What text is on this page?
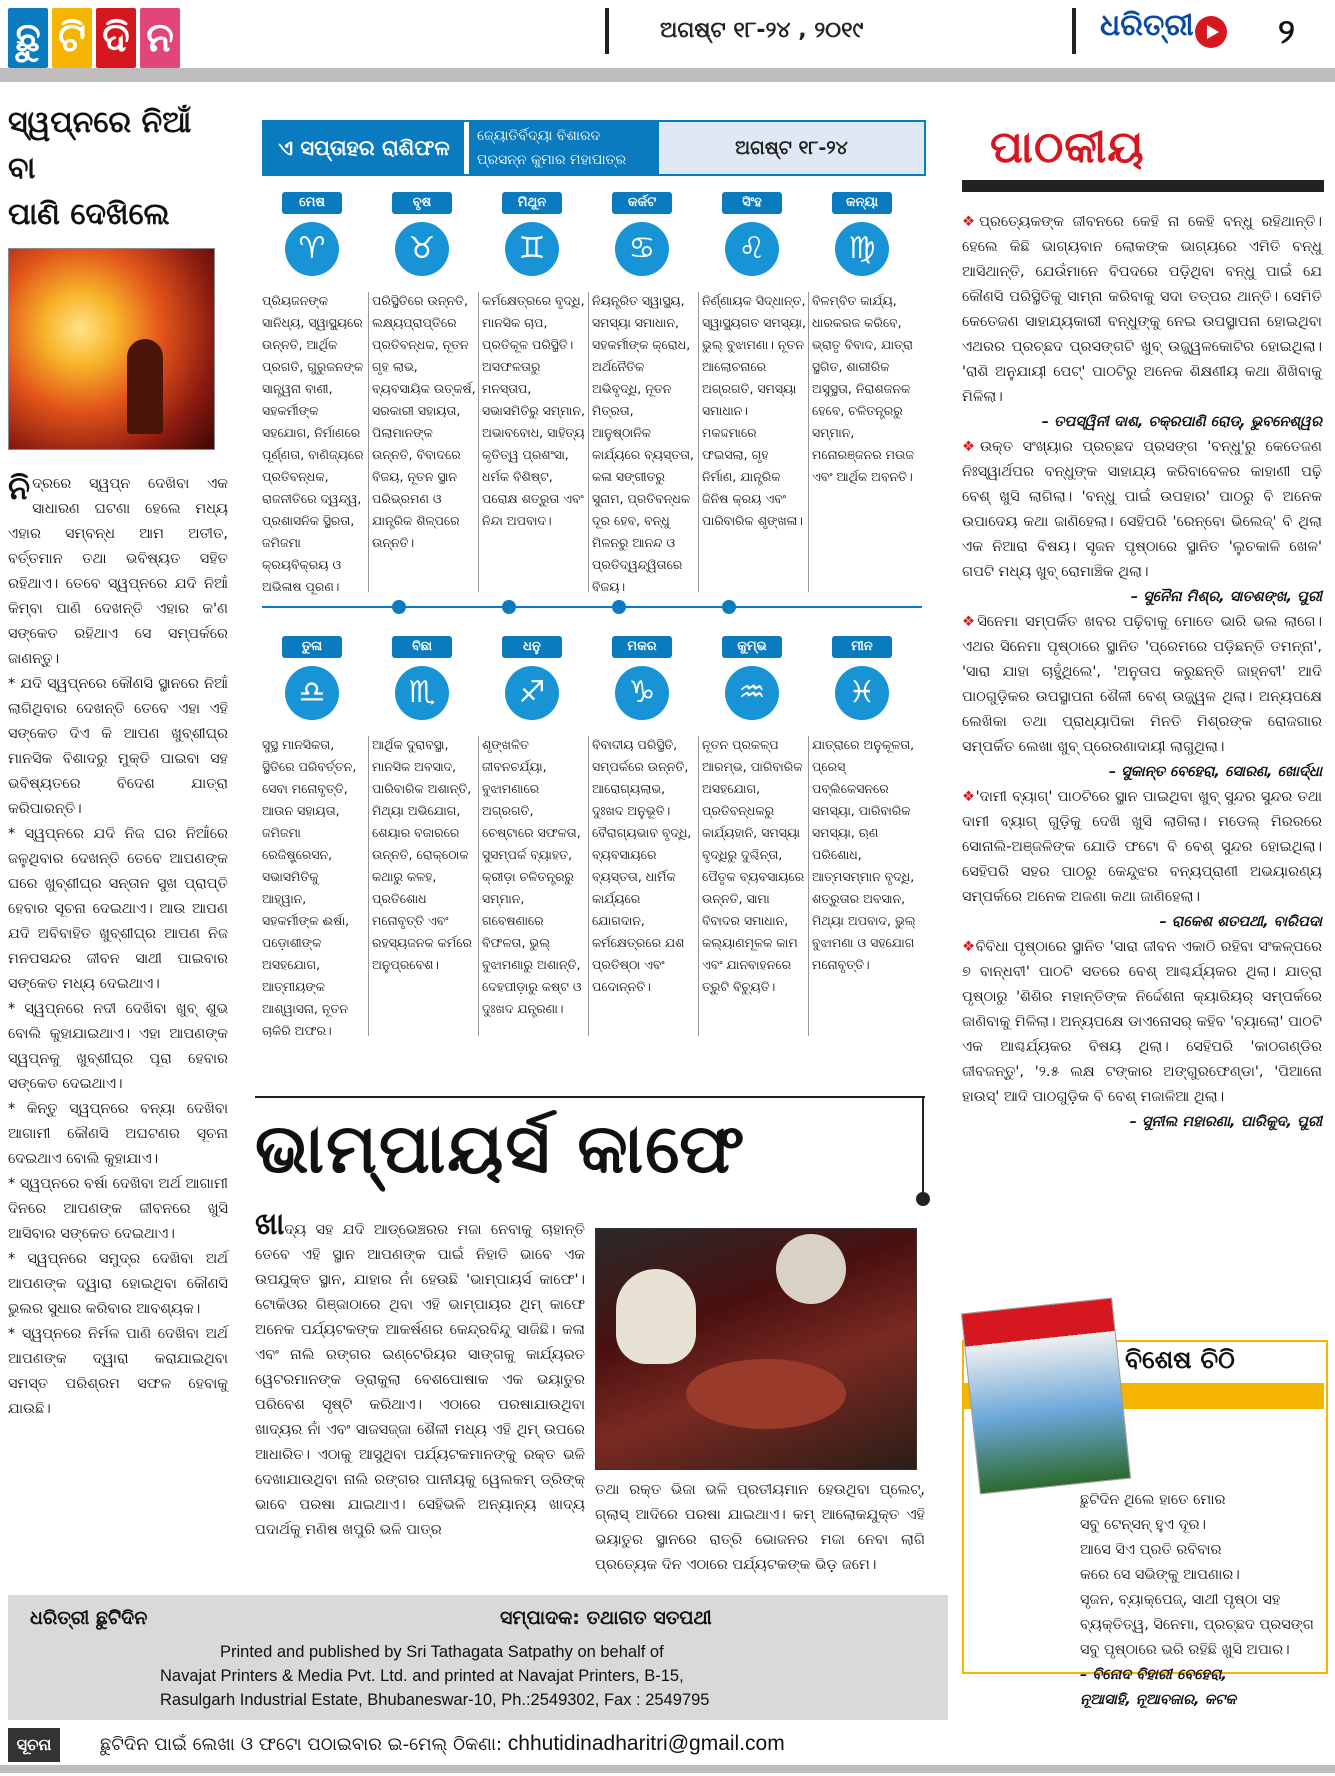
ଛୁ ଟି ଦି ନ	ଅଗଷ୍ଟ ୧୮-୨୪ , ୨୦୧୯	ଧରିତ୍ରୀ ୨
ସ୍ୱପ୍ନରେ ନିଆଁ ବା
ପାଣି ଦେଖିଲେ

ନିଦ୍ରରେ ସ୍ୱପ୍ନ ଦେଖିବା ଏକ ସାଧାରଣ ଘଟଣା ହେଲେ ମଧ୍ୟ ଏହାର ସମ୍ବନ୍ଧ ଆମ ଅତୀତ, ବର୍ତ୍ତମାନ ତଥା ଭବିଷ୍ୟତ ସହିତ ରହିଥାଏ। ତେବେ ସ୍ୱପ୍ନରେ ଯଦି ନିଆଁ କିମ୍ବା ପାଣି ଦେଖନ୍ତି ଏହାର କ'ଣ ସଙ୍କେତ ରହିଥାଏ ସେ ସମ୍ପର୍କରେ ଜାଣନ୍ତୁ।

* ଯଦି ସ୍ୱପ୍ନରେ କୌଣସି ସ୍ଥାନରେ ନିଆଁ ଲାଗିଥିବାର ଦେଖନ୍ତି ତେବେ ଏହା ଏହି ସଙ୍କେତ ଦିଏ କି ଆପଣ ଖୁବ୍‌ଶୀଘ୍ର ମାନସିକ ବିଶାଦରୁ ମୁକ୍ତି ପାଇବା ସହ ଭବିଷ୍ୟତରେ ବିଦେଶ ଯାତ୍ରା କରିପାରନ୍ତି।

* ସ୍ୱପ୍ନରେ ଯଦି ନିଜ ଘର ନିଆଁରେ ଜଳୁଥିବାର ଦେଖନ୍ତି ତେବେ ଆପଣଙ୍କ ଘରେ ଖୁବ୍‌ଶୀଘ୍ର ସନ୍ତାନ ସୁଖ ପ୍ରାପ୍ତି ହେବାର ସୂଚନା ଦେଇଥାଏ। ଆଉ ଆପଣ ଯଦି ଅବିବାହିତ ଖୁବ୍‌ଶୀଘ୍ର ଆପଣ ନିଜ ମନପସନ୍ଦର ଜୀବନ ସାଥୀ ପାଇବାର ସଙ୍କେତ ମଧ୍ୟ ଦେଇଥାଏ।

* ସ୍ୱପ୍ନରେ ନଦୀ ଦେଖିବା ଖୁବ୍ ଶୁଭ ବୋଲି କୁହାଯାଇଥାଏ। ଏହା ଆପଣଙ୍କ ସ୍ୱପ୍ନକୁ ଖୁବ୍‌ଶୀଘ୍ର ପୂରା ହେବାର ସଙ୍କେତ ଦେଇଥାଏ।

* କିନ୍ତୁ ସ୍ୱପ୍ନରେ ବନ୍ୟା ଦେଖିବା ଆଗାମୀ କୌଣସି ଅଘଟଣର ସୂଚନା ଦେଇଥାଏ ବୋଲି କୁହାଯାଏ।

* ସ୍ୱପ୍ନରେ ବର୍ଷା ଦେଖିବା ଅର୍ଥ ଆଗାମୀ ଦିନରେ ଆପଣଙ୍କ ଜୀବନରେ ଖୁସି ଆସିବାର ସଙ୍କେତ ଦେଇଥାଏ।

* ସ୍ୱପ୍ନରେ ସମୁଦ୍ର ଦେଖିବା ଅର୍ଥ ଆପଣଙ୍କ ଦ୍ୱାରା ହୋଇଥିବା କୌଣସି ଭୁଲର ସୁଧାର କରିବାର ଆବଶ୍ୟକ।

* ସ୍ୱପ୍ନରେ ନିର୍ମଳ ପାଣି ଦେଖିବା ଅର୍ଥ ଆପଣଙ୍କ ଦ୍ୱାରା କରାଯାଇଥିବା ସମସ୍ତ ପରିଶ୍ରମ ସଫଳ ହେବାକୁ ଯାଉଛି।

ଏ ସପ୍ତାହର ରାଶିଫଳ	ଜ୍ୟୋତିର୍ବିଦ୍ୟା ବିଶାରଦ
ପ୍ରସନ୍ନ କୁମାର ମହାପାତ୍ର
ଅଗଷ୍ଟ ୧୮-୨୪
ମେଷ
♈
ପ୍ରିୟଜନଙ୍କ ସାନିଧ୍ୟ, ସ୍ୱାସ୍ଥ୍ୟରେ ଉନ୍ନତି, ଆର୍ଥିକ ପ୍ରଗତି, ଗୁରୁଜନଙ୍କ ସାନ୍ତ୍ୱନା ବାଣୀ, ସହକର୍ମୀଙ୍କ ସହଯୋଗ, ନିର୍ମାଣରେ ପୂର୍ଣ୍ଣତା, ବାଣିଜ୍ୟରେ ପ୍ରତିବନ୍ଧକ, ରାଜନୀତିରେ ଦ୍ୱନ୍ଦ୍ୱ, ପ୍ରଶାସନିକ ସ୍ଥିରତା, ଜମିଜମା କ୍ରୟବିକ୍ରୟ ଓ ଅଭିଳାଷ ପୂରଣ।
ବୃଷ
♉
ପରିସ୍ଥିତିରେ ଉନ୍ନତି, ଲକ୍ଷ୍ୟପ୍ରାପ୍ତିରେ ପ୍ରତିବନ୍ଧକ, ନୂତନ ଗୃହ ଲାଭ, ବ୍ୟବସାୟିକ ଉତ୍କର୍ଷ, ସରକାରୀ ସହାୟତା, ପିଲାମାନଙ୍କ ଉନ୍ନତି, ବିବାଦରେ ବିଜୟ, ନୂତନ ସ୍ଥାନ ପରିଭ୍ରମଣ ଓ ଯାନ୍ତ୍ରିକ ଶିଳ୍ପରେ ଉନ୍ନତି।
ମିଥୁନ
♊
କର୍ମକ୍ଷେତ୍ରରେ ବୃଦ୍ଧି, ମାନସିକ ଚାପ, ପ୍ରତିକୂଳ ପରିସ୍ଥିତି। ଅସଫଳତାରୁ ମନସ୍ତାପ, ସଭାସମିତିରୁ ସମ୍ମାନ, ଅଭାବବୋଧ, ସାହିତ୍ୟ କୃତିତ୍ୱ ପ୍ରଶଂସା, ଧର୍ମକ ବିଶିଷ୍ଟ, ପରୋକ୍ଷ ଶତ୍ରୁତା ଏବଂ ନିନ୍ଦା ଅପବାଦ।
କର୍କଟ
♋
ନିୟନ୍ତ୍ରିତ ସ୍ୱାସ୍ଥ୍ୟ, ସମସ୍ୟା ସମାଧାନ, ସହକର୍ମୀଙ୍କ କ୍ରୋଧ, ଅର୍ଥନୈତିକ ଅଭିବୃଦ୍ଧି, ନୂତନ ମିତ୍ରତା, ଆନୁଷ୍ଠାନିକ କାର୍ଯ୍ୟରେ ବ୍ୟସ୍ତତା, କଳା ସଙ୍ଗୀତରୁ ସୁନାମ, ପ୍ରତିବନ୍ଧକ ଦୂର ହେବ, ବନ୍ଧୁ ମିଳନରୁ ଆନନ୍ଦ ଓ ପ୍ରତିଦ୍ୱନ୍ଦ୍ୱିତାରେ ବିଜୟ।
ସିଂହ
♌
ନିର୍ଣ୍ଣାୟକ ସିଦ୍ଧାନ୍ତ, ସ୍ୱାସ୍ଥ୍ୟଗତ ସମସ୍ୟା, ଭୁଲ୍ ବୁଝାମଣା। ନୂତନ ଆଲୋଚନାରେ ଅଗ୍ରଗତି, ସମସ୍ୟା ସମାଧାନ। ମକଦ୍ଦମାରେ ଫଇସଲା, ଗୃହ ନିର୍ମାଣ, ଯାନ୍ତ୍ରିକ ଜିନିଷ କ୍ରୟ ଏବଂ ପାରିବାରିକ ଶୃଙ୍ଖଳା।
କନ୍ୟା
♍
ବିଳମ୍ବିତ କାର୍ଯ୍ୟ, ଧାରକରଜ କରିବେ, ଭ୍ରାତୃ ବିବାଦ, ଯାତ୍ରା ସ୍ଥଗିତ, ଶାରୀରିକ ଅସୁସ୍ଥତା, ନିରାଶଜନକ ହେବେ, ଚଳିତନ୍ତ୍ରରୁ ସମ୍ମାନ, ମନୋରଞ୍ଜନର ମଉଜ ଏବଂ ଆର୍ଥିକ ଅବନତି।
ତୁଳା
♎
ସୁସ୍ଥ ମାନସିକତା, ସ୍ଥିତିରେ ପରିବର୍ତ୍ତନ, ସେବା ମନୋବୃତ୍ତି, ଆଉନ ସହାୟତା, ଜମିଜମା ରେଜିଷ୍ଟ୍ରେସନ, ସଭାସମିତିକୁ ଆହ୍ୱାନ, ସହକର୍ମୀଙ୍କ ଈର୍ଷା, ପଡ଼ୋଶୀଙ୍କ ଅସହଯୋଗ, ଆତ୍ମୀୟଙ୍କ ଆଶ୍ୱାସନା, ନୂତନ ଚାକିରି ଅଫର।
ବିଛା
♏
ଆର୍ଥିକ ଦୁରାବସ୍ଥା, ମାନସିକ ଅବସାଦ, ପାରିବାରିକ ଅଶାନ୍ତି, ମିଥ୍ୟା ଅଭିଯୋଗ, ଶେୟାର ବଜାରରେ ଉନ୍ନତି, ରୋକ୍‌ଠୋକ କଥାରୁ କଳହ, ପ୍ରତିଶୋଧ ମନୋବୃତ୍ତି ଏବଂ ରହସ୍ୟଜନକ କର୍ମରେ ଅନୁପ୍ରବେଶ।
ଧନୁ
♐
ଶୃଙ୍ଖଳିତ ଜୀବନଚର୍ଯ୍ୟା, ବୁଝାମଣାରେ ଅଗ୍ରଗତି, ଚେଷ୍ଟାରେ ସଫଳତା, ସୁସମ୍ପର୍କ ବ୍ୟାହତ, କ୍ରୀଡ଼ା ଚଳିତନ୍ତ୍ରରୁ ସମ୍ମାନ, ଗବେଷଣାରେ ବିଫଳତା, ଭୁଲ୍ ବୁଝାମଣାରୁ ଅଶାନ୍ତି, ଦେହପୀଡ଼ାରୁ କଷ୍ଟ ଓ ଦୁଃଖଦ ଯନ୍ତ୍ରଣା।
ମକର
♑
ବିବାଦୀୟ ପରିସ୍ଥିତି, ସମ୍ପର୍କରେ ଉନ୍ନତି, ଆରୋଗ୍ୟଲାଭ, ଦୁଃଖଦ ଅନୁଭୂତି। ବୈରାଗ୍ୟଭାବ ବୃଦ୍ଧି, ବ୍ୟବସାୟରେ ବ୍ୟସ୍ତତା, ଧାର୍ମିକ କାର୍ଯ୍ୟରେ ଯୋଗଦାନ, କର୍ମକ୍ଷେତ୍ରରେ ଯଶ ପ୍ରତିଷ୍ଠା ଏବଂ ପଦୋନ୍ନତି।
କୁମ୍ଭ
♒
ନୂତନ ପ୍ରକଳ୍ପ ଆରମ୍ଭ, ପାରିବାରିକ ଅସହଯୋଗ, ପ୍ରତିବନ୍ଧକରୁ କାର୍ଯ୍ୟହାନି, ସମସ୍ୟା ବୃଦ୍ଧିରୁ ଦୁଶ୍ଚିନ୍ତା, ପୈତୃକ ବ୍ୟବସାୟରେ ଉନ୍ନତି, ସାମା ବିବାଦର ସମାଧାନ, କଲ୍ୟାଣମୂଳକ କାମ ଏବଂ ଯାନବାହନରେ ତ୍ରୁଟି ବିଚ୍ୟୁତି।
ମୀନ
♓
ଯାତ୍ରାରେ ଅନୁକୂଳତା, ପ୍ରେସ୍ ପବ୍ଲିକେସନରେ ସମସ୍ୟା, ପାରିବାରିକ ସମସ୍ୟା, ଋଣ ପରିଶୋଧ, ଆତ୍ମସମ୍ମାନ ବୃଦ୍ଧି, ଶତ୍ରୁତାର ଅବସାନ, ମିଥ୍ୟା ଅପବାଦ, ଭୁଲ୍ ବୁଝାମଣା ଓ ସହଯୋଗ ମନୋବୃତ୍ତି।
ଭାମ୍ପାୟର୍ସ କାଫେ
ଖାଦ୍ୟ ସହ ଯଦି ଆଡ୍‌ଭେଞ୍ଚରର ମଜା ନେବାକୁ ଚାହାନ୍ତି ତେବେ ଏହି ସ୍ଥାନ ଆପଣଙ୍କ ପାଇଁ ନିହାତି ଭାବେ ଏକ ଉପଯୁକ୍ତ ସ୍ଥାନ, ଯାହାର ନାଁ ହେଉଛି 'ଭାମ୍ପାୟର୍ସ କାଫେ'। ଟୋକିଓର ଗିଞ୍ଜାଠାରେ ଥିବା ଏହି ଭାମ୍ପାୟର ଥିମ୍ କାଫେ ଅନେକ ପର୍ଯ୍ୟଟକଙ୍କ ଆକର୍ଷଣର କେନ୍ଦ୍ରବିନ୍ଦୁ ସାଜିଛି। କଳା ଏବଂ ନାଲି ରଙ୍ଗର ଇଣ୍ଟେରିୟର ସାଙ୍ଗକୁ କାର୍ଯ୍ୟରତ ୱେଟରମାନଙ୍କ ଡ୍ରାକୁଲା ବେଶପୋଷାକ ଏକ ଭୟାତୁର ପରିବେଶ ସୃଷ୍ଟି କରିଥାଏ। ଏଠାରେ ପରଷାଯାଉଥିବା ଖାଦ୍ୟର ନାଁ ଏବଂ ସାଜସଜ୍ଜା ଶୈଳୀ ମଧ୍ୟ ଏହି ଥିମ୍ ଉପରେ ଆଧାରିତ। ଏଠାକୁ ଆସୁଥିବା ପର୍ଯ୍ୟଟକମାନଙ୍କୁ ରକ୍ତ ଭଳି ଦେଖାଯାଉଥିବା ନାଲି ରଙ୍ଗର ପାନୀୟକୁ ୱେଲକମ୍ ଡ୍ରିଙ୍କ୍ ଭାବେ ପରଷା ଯାଇଥାଏ। ସେହିଭଳି ଅନ୍ୟାନ୍ୟ ଖାଦ୍ୟ ପଦାର୍ଥକୁ ମଣିଷ ଖପୁରି ଭଳି ପାତ୍ର
ତଥା ରକ୍ତ ଭିଜା ଭଳି ପ୍ରତୀୟମାନ ହେଉଥିବା ପ୍ଲେଟ୍, ଗ୍ଲାସ୍ ଆଦିରେ ପରଷା ଯାଇଥାଏ। କମ୍ ଆଲୋକଯୁକ୍ତ ଏହି ଭୟାତୁର ସ୍ଥାନରେ ରାତ୍ରି ଭୋଜନର ମଜା ନେବା ଲାଗି ପ୍ରତ୍ୟେକ ଦିନ ଏଠାରେ ପର୍ଯ୍ୟଟକଙ୍କ ଭିଡ଼ ଜମେ।
ପାଠକୀୟ

❖ପ୍ରତ୍ୟେକଙ୍କ ଜୀବନରେ କେହି ନା କେହି ବନ୍ଧୁ ରହିଥାନ୍ତି। ହେଲେ କିଛି ଭାଗ୍ୟବାନ ଲୋକଙ୍କ ଭାଗ୍ୟରେ ଏମିତି ବନ୍ଧୁ ଆସିଥାନ୍ତି, ଯେଉଁମାନେ ବିପଦରେ ପଡ଼ିଥିବା ବନ୍ଧୁ ପାଇଁ ଯେ କୌଣସି ପରିସ୍ଥିତିକୁ ସାମ୍ନା କରିବାକୁ ସଦା ତତ୍ପର ଥାନ୍ତି। ସେମିତି କେତେଜଣ ସାହାଯ୍ୟକାରୀ ବନ୍ଧୁଙ୍କୁ ନେଇ ଉପସ୍ଥାପନା ହୋଇଥିବା ଏଥରର ପ୍ରଚ୍ଛଦ ପ୍ରସଙ୍ଗଟି ଖୁବ୍ ଉଜ୍ଜ୍ୱଳକୋଟିର ହୋଇଥିଲା। 'ରାଶି ଅନୁଯାୟୀ ପେଟ୍' ପାଠଟିରୁ ଅନେକ ଶିକ୍ଷଣୀୟ କଥା ଶିଖିବାକୁ ମିଳିଲା।

– ତପସ୍ୱିନୀ ଦାଶ, ଚକ୍ରପାଣି ରୋଡ୍, ଭୁବନେଶ୍ୱର

❖ଉକ୍ତ ସଂଖ୍ୟାର ପ୍ରଚ୍ଛଦ ପ୍ରସଙ୍ଗ 'ବନ୍ଧୁ'ରୁ କେତେଜଣ ନିଃସ୍ୱାର୍ଥପର ବନ୍ଧୁଙ୍କ ସାହାଯ୍ୟ କରିବାବେଳର କାହାଣୀ ପଢ଼ି ବେଶ୍ ଖୁସି ଲାଗିଲା। 'ବନ୍ଧୁ ପାଇଁ ଉପହାର' ପାଠରୁ ବି ଅନେକ ଉପାଦେୟ କଥା ଜାଣିହେଲା। ସେହିପରି 'ରେନ୍‌ବୋ ଭିଲେଜ୍' ବି ଥିଲା ଏକ ନିଆରା ବିଷୟ। ସୃଜନ ପୃଷ୍ଠାରେ ସ୍ଥାନିତ 'ଲୁଚକାଳି ଖେଳ' ଗପଟି ମଧ୍ୟ ଖୁବ୍ ରୋମାଞ୍ଚିକ ଥିଲା।

– ସୁନୈନା ମିଶ୍ର, ସାତଶଙ୍ଖ, ପୁରୀ

❖ସିନେମା ସମ୍ପର୍କିତ ଖବର ପଢ଼ିବାକୁ ମୋତେ ଭାରି ଭଲ ଲାଗେ। ଏଥର ସିନେମା ପୃଷ୍ଠାରେ ସ୍ଥାନିତ 'ପ୍ରେମରେ ପଡ଼ିଛନ୍ତି ତମନ୍ନା', 'ସାରା ଯାହା ଚାହୁଁଥିଲେ', 'ଅନୁତାପ କରୁଛନ୍ତି ଜାହ୍ନବୀ' ଆଦି ପାଠଗୁଡ଼ିକର ଉପସ୍ଥାପନା ଶୈଳୀ ବେଶ୍ ଉଜ୍ଜ୍ୱଳ ଥିଲା। ଅନ୍ୟପକ୍ଷେ ଲେଖିକା ତଥା ପ୍ରାଧ୍ୟାପିକା ମିନତି ମିଶ୍ରଙ୍କ ରୋଜଗାର ସମ୍ପର୍କିତ ଲେଖା ଖୁବ୍ ପ୍ରେରଣାଦାୟୀ ଲାଗୁଥିଲା।

– ସୁକାନ୍ତ ବେହେରା, ସୋରଣ, ଖୋର୍ଦ୍ଧା

❖'ଦାମୀ ବ୍ୟାଗ୍' ପାଠଟିରେ ସ୍ଥାନ ପାଇଥିବା ଖୁବ୍ ସୁନ୍ଦର ସୁନ୍ଦର ତଥା ଦାମୀ ବ୍ୟାଗ୍ ଗୁଡ଼ିକୁ ଦେଖି ଖୁସି ଲାଗିଲା। ମଡେଲ୍ ମିରରରେ ସୋନାଲି-ଅଞ୍ଜଳିଙ୍କ ଯୋଡି ଫଟୋ ବି ବେଶ୍ ସୁନ୍ଦର ହୋଇଥିଲା। ସେହିପରି ସହର ପାଠରୁ କେନ୍ଦୁଝର ବନ୍ୟପ୍ରାଣୀ ଅଭୟାରଣ୍ୟ ସମ୍ପର୍କରେ ଅନେକ ଅଜଣା କଥା ଜାଣିହେଲା।

– ରାକେଶ ଶତପଥୀ, ବାରିପଦା

❖ବିବିଧା ପୃଷ୍ଠାରେ ସ୍ଥାନିତ 'ସାରା ଜୀବନ ଏକାଠି ରହିବା ସଂକଳ୍ପରେ ୭ ବାନ୍ଧବୀ' ପାଠଟି ସତରେ ବେଶ୍ ଆଶ୍ଚର୍ଯ୍ୟକର ଥିଲା। ଯାତ୍ରା ପୃଷ୍ଠାରୁ 'ଶିଶିର ମହାନ୍ତିଙ୍କ ନିର୍ଦ୍ଦେଶନା କ୍ୟାରିୟର୍ ସମ୍ପର୍କରେ ଜାଣିବାକୁ ମିଳିଲା। ଅନ୍ୟପକ୍ଷେ ଡାଏନୋସର୍ କହିବ 'ବ୍ୟାଲୋ' ପାଠଟି ଏକ ଆଶ୍ଚର୍ଯ୍ୟକର ବିଷୟ ଥିଲା। ସେହିପରି 'କାଠଗଣ୍ଡିର ଜୀବଜନ୍ତୁ', '୨.୫ ଲକ୍ଷ ଟଙ୍କାର ଅଙ୍ଗୁରଫେଣ୍ଡା', 'ପିଆନୋ ହାଉସ୍' ଆଦି ପାଠଗୁଡ଼ିକ ବି ବେଶ୍ ମଜାଳିଆ ଥିଲା।

– ସୁନୀଲ ମହାରଣା, ପାରିକୁଦ, ପୁରୀ

ବିଶେଷ ଚିଠି
ଛୁଟିଦିନ ଥିଲେ ହାତେ ମୋର
ସବୁ ଟେନ୍‌ସନ୍ ହୁଏ ଦୂର।
ଆସେ ସିଏ ପ୍ରତି ରବିବାର
କରେ ସେ ସଭିଙ୍କୁ ଆପଣାର।
ସୃଜନ, ବ୍ୟାକ୍‌ପେଜ୍, ସାଥୀ ପୃଷ୍ଠା ସହ
ବ୍ୟକ୍ତିତ୍ୱ, ସିନେମା, ପ୍ରଚ୍ଛଦ ପ୍ରସଙ୍ଗ
ସବୁ ପୃଷ୍ଠାରେ ଭରି ରହିଛି ଖୁସି ଅପାର।
– ବିନୋଦ ବିହାରୀ ବେହେରା,
ନୂଆସାହି, ନୂଆବଜାର, କଟକ
ଧରିତ୍ରୀ ଛୁଟିଦିନ	ସମ୍ପାଦକ: ତଥାଗତ ସତପଥୀ
Printed and published by Sri Tathagata Satpathy on behalf of
Navajat Printers & Media Pvt. Ltd. and printed at Navajat Printers, B-15,
Rasulgarh Industrial Estate, Bhubaneswar-10, Ph.:2549302, Fax : 2549795
ସୂଚନା	ଛୁଟିଦିନ ପାଇଁ ଲେଖା ଓ ଫଟୋ ପଠାଇବାର ଇ-ମେଲ୍ ଠିକଣା: chhutidinadharitri@gmail.com
